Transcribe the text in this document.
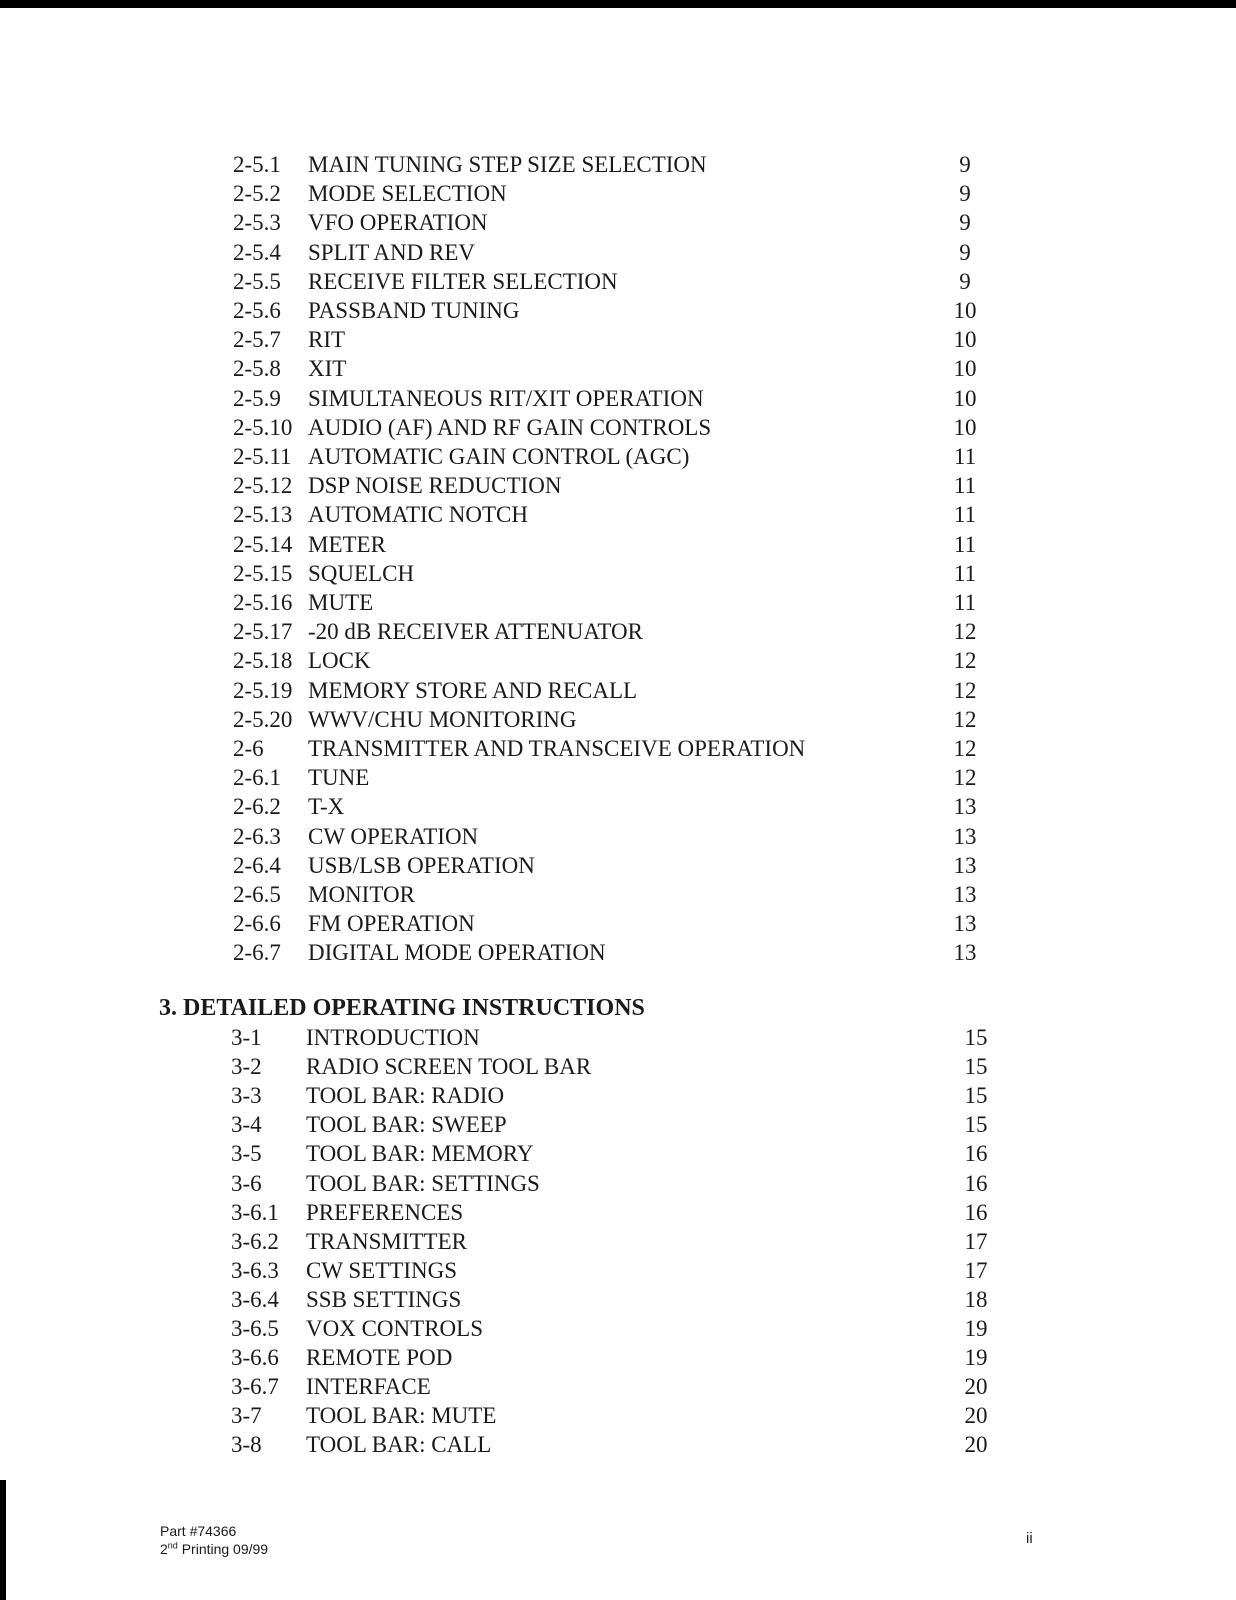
2-5.1 MAIN TUNING STEP SIZE SELECTION	9
2-5.2 MODE SELECTION	9
2-5.3 VFO OPERATION	9
2-5.4 SPLIT AND REV	9
2-5.5 RECEIVE FILTER SELECTION	9
2-5.6 PASSBAND TUNING	10
2-5.7 RIT	10
2-5.8 XIT	10
2-5.9 SIMULTANEOUS RIT/XIT OPERATION	10
2-5.10 AUDIO (AF) AND RF GAIN CONTROLS	10
2-5.11 AUTOMATIC GAIN CONTROL (AGC)	11
2-5.12 DSP NOISE REDUCTION	11
2-5.13 AUTOMATIC NOTCH	11
2-5.14 METER	11
2-5.15 SQUELCH	11
2-5.16 MUTE	11
2-5.17 -20 dB RECEIVER ATTENUATOR	12
2-5.18 LOCK	12
2-5.19 MEMORY STORE AND RECALL	12
2-5.20 WWV/CHU MONITORING	12
2-6 TRANSMITTER AND TRANSCEIVE OPERATION	12
2-6.1 TUNE	12
2-6.2 T-X	13
2-6.3 CW OPERATION	13
2-6.4 USB/LSB OPERATION	13
2-6.5 MONITOR	13
2-6.6 FM OPERATION	13
2-6.7 DIGITAL MODE OPERATION	13
3. DETAILED OPERATING INSTRUCTIONS
3-1 INTRODUCTION	15
3-2 RADIO SCREEN TOOL BAR	15
3-3 TOOL BAR: RADIO	15
3-4 TOOL BAR: SWEEP	15
3-5 TOOL BAR: MEMORY	16
3-6 TOOL BAR: SETTINGS	16
3-6.1 PREFERENCES	16
3-6.2 TRANSMITTER	17
3-6.3 CW SETTINGS	17
3-6.4 SSB SETTINGS	18
3-6.5 VOX CONTROLS	19
3-6.6 REMOTE POD	19
3-6.7 INTERFACE	20
3-7 TOOL BAR: MUTE	20
3-8 TOOL BAR: CALL	20
Part #74366
2nd Printing 09/99
ii
